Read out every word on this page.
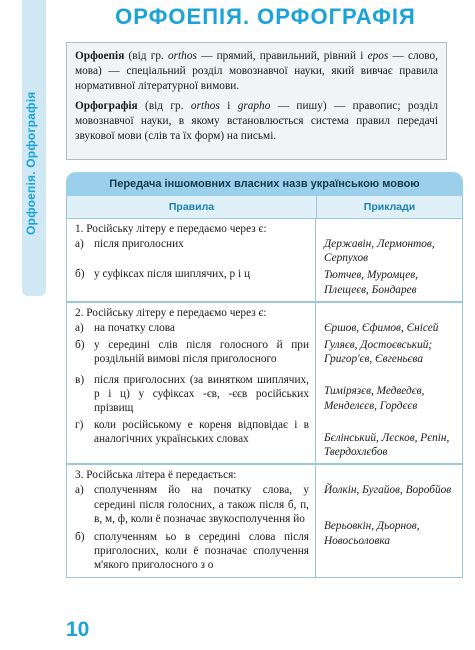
Орфоепія. Орфографія
ОРФОЕПІЯ. ОРФОГРАФІЯ

Орфоепія (від гр. orthos — прямий, правильний, рівний і epos — слово, мова) — спеціальний розділ мовознавчої науки, який вивчає правила нормативної літературної вимови.

Орфографія (від гр. orthos і grapho — пишу) — правопис; розділ мовознавчої науки, в якому встановлюється система правил передачі звукової мови (слів та їх форм) на письмі.

Передача іншомовних власних назв українською мовою
Правила	Приклади
1. Російську літеру е передаємо через є:
а) після приголосних
б) у суфіксах після шиплячих, р і ц
Державін, Лермонтов, Серпухов
Тютчев, Муромцев, Плещеєв, Бондарев
2. Російську літеру е передаємо через є:
а) на початку слова
б) у середині слів після голосного й при роздільній вимові після приголосного
в) після приголосних (за винятком шиплячих, р і ц) у суфіксах -єв, -єєв російських прізвищ
г) коли російському е кореня відповідає і в аналогічних українських словах
Єршов, Єфимов, Єнісей
Гуляєв, Достоєвський; Григор'єв, Євгеньєва
Тимірязєв, Медведєв, Менделєєв, Гордєєв
Бєлінський, Лєсков, Рєпін, Твердохлєбов
3. Російська літера ё передається:
а) сполученням йо на початку слова, у середині після голосних, а також після б, п, в, м, ф, коли ё позначає звукосполучення йо
б) сполученням ьо в середині слова після приголосних, коли ё позначає сполучення м'якого приголосного з о
Йолкін, Бугайов, Воробйов
Верьовкін, Дьорнов, Новосьоловка
10
